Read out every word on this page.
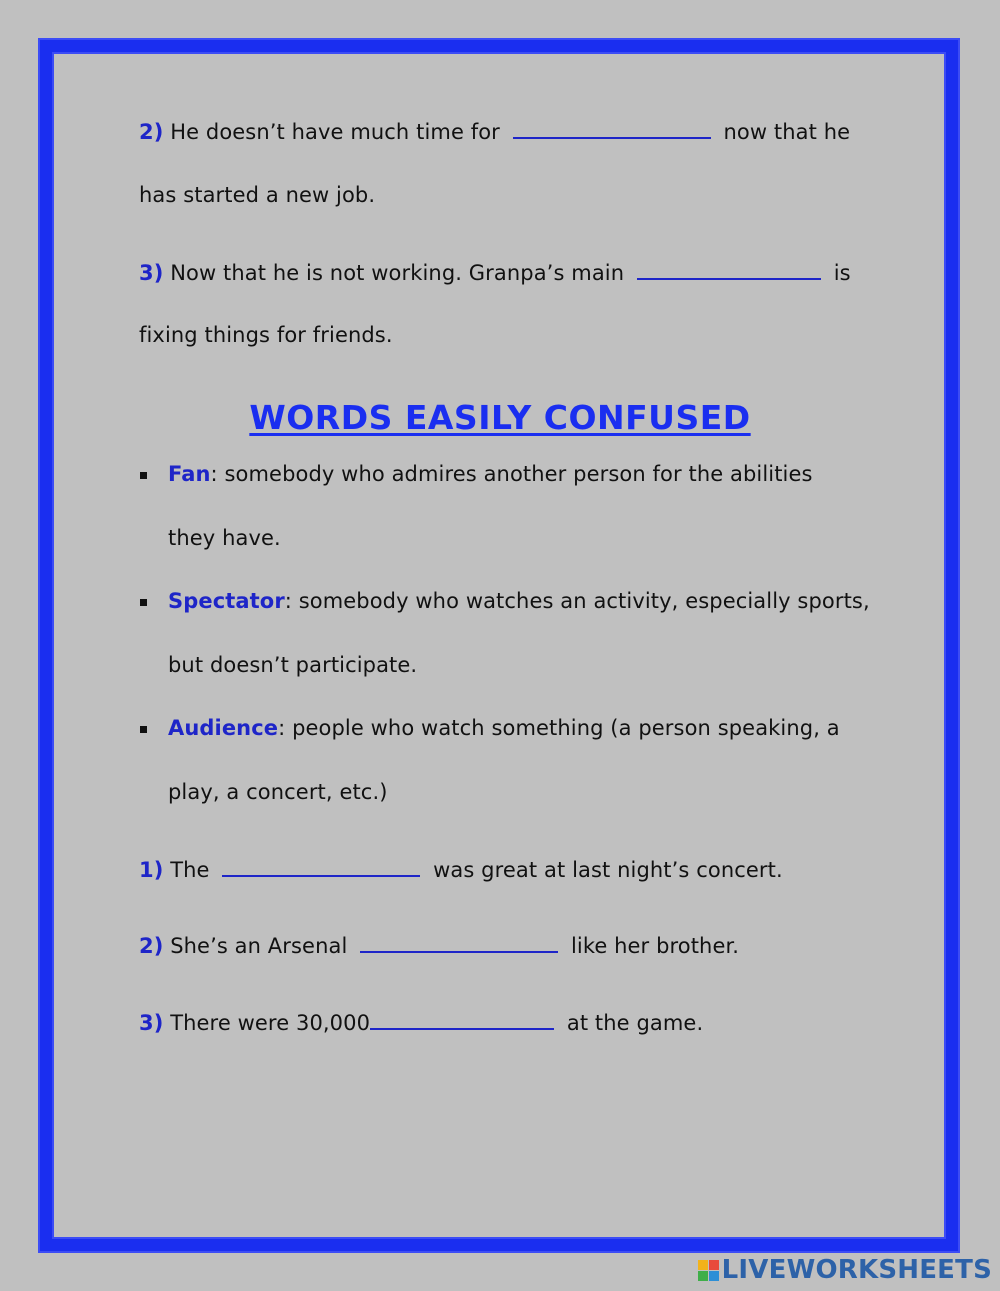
2) He doesn’t have much time for	now that he
has started a new job.
3) Now that he is not working. Granpa’s main	is
fixing things for friends.
WORDS EASILY CONFUSED
Fan: somebody who admires another person for the abilities
they have.
Spectator: somebody who watches an activity, especially sports,
but doesn’t participate.
Audience: people who watch something (a person speaking, a
play, a concert, etc.)
1) The	was great at last night’s concert.
2) She’s an Arsenal	like her brother.
3) There were 30,000	at the game.
LIVEWORKSHEETS
